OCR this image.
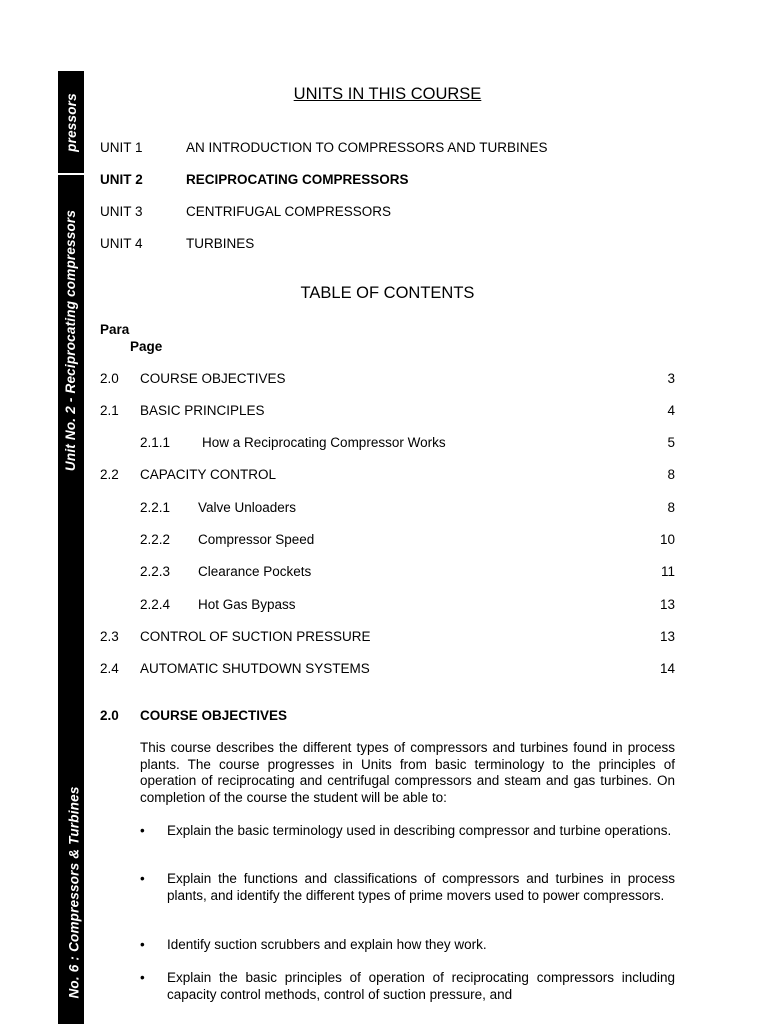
pressors
Unit No. 2 - Reciprocating compressors
No. 6 : Compressors & Turbines
UNITS IN THIS COURSE
UNIT 1	AN INTRODUCTION TO COMPRESSORS AND TURBINES
UNIT 2	RECIPROCATING COMPRESSORS
UNIT 3	CENTRIFUGAL COMPRESSORS
UNIT 4	TURBINES
TABLE OF CONTENTS
Para
Page
2.0 COURSE OBJECTIVES	3
2.1 BASIC PRINCIPLES	4
2.1.1 How a Reciprocating Compressor Works	5
2.2 CAPACITY CONTROL	8
2.2.1 Valve Unloaders	8
2.2.2 Compressor Speed	10
2.2.3 Clearance Pockets	11
2.2.4 Hot Gas Bypass	13
2.3 CONTROL OF SUCTION PRESSURE	13
2.4 AUTOMATIC SHUTDOWN SYSTEMS	14
2.0 COURSE OBJECTIVES
This course describes the different types of compressors and turbines found in process plants. The course progresses in Units from basic terminology to the principles of operation of reciprocating and centrifugal compressors and steam and gas turbines. On completion of the course the student will be able to:
• Explain the basic terminology used in describing compressor and turbine operations.
• Explain the functions and classifications of compressors and turbines in process plants, and identify the different types of prime movers used to power compressors.
• Identify suction scrubbers and explain how they work.
• Explain the basic principles of operation of reciprocating compressors including capacity control methods, control of suction pressure, and
